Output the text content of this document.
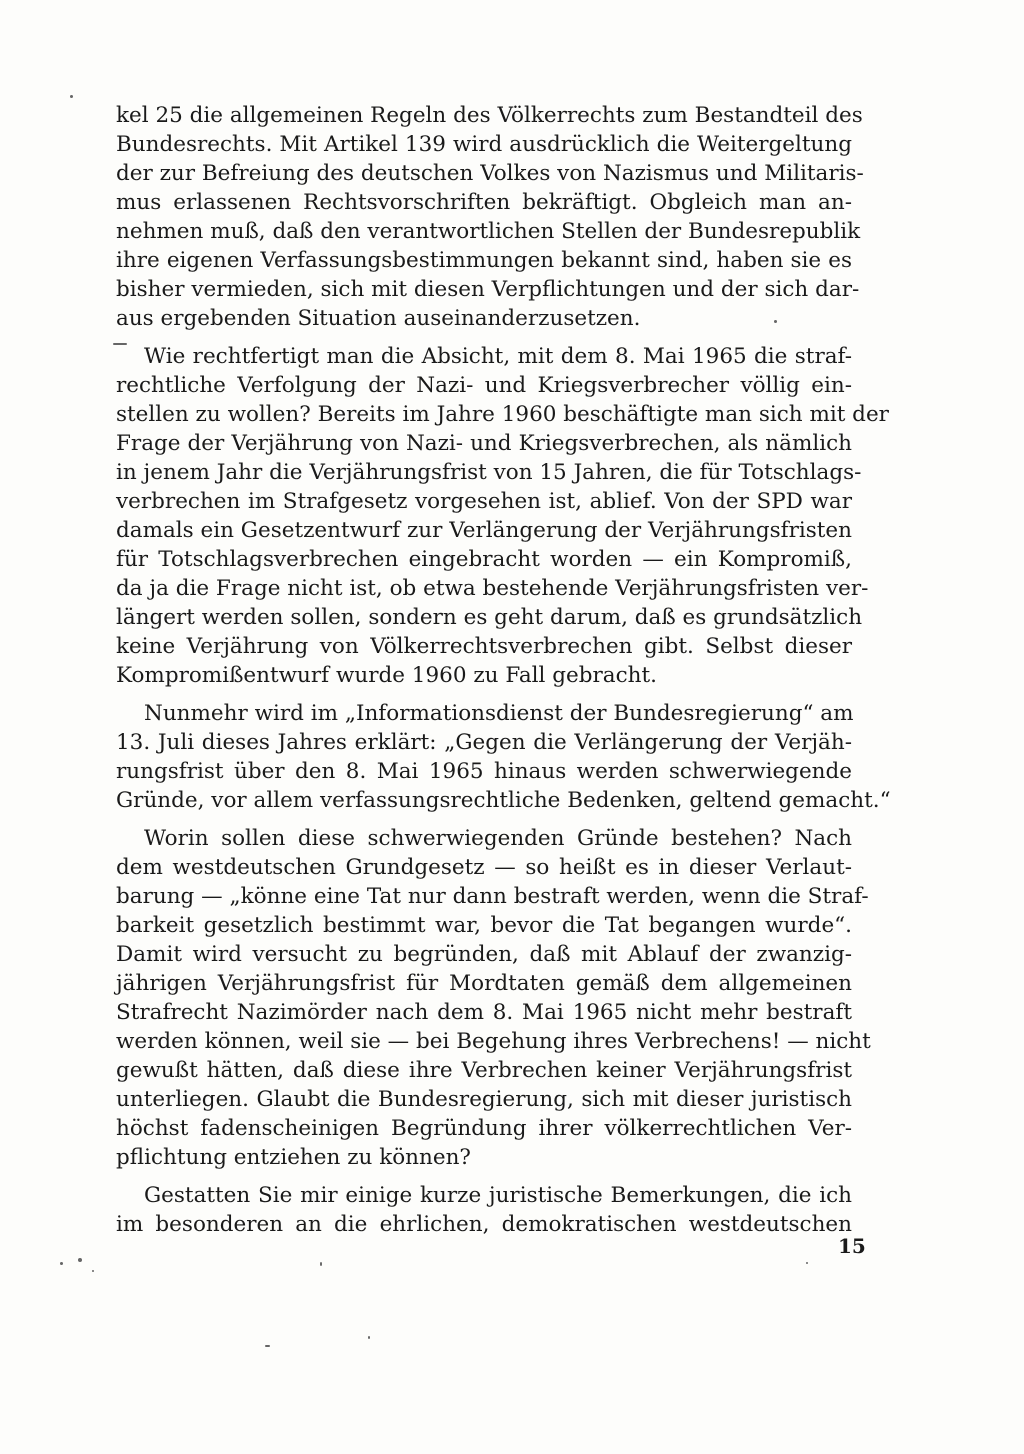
kel 25 die allgemeinen Regeln des Völkerrechts zum Bestandteil des
Bundesrechts. Mit Artikel 139 wird ausdrücklich die Weitergeltung
der zur Befreiung des deutschen Volkes von Nazismus und Militaris-
mus erlassenen Rechtsvorschriften bekräftigt. Obgleich man an-
nehmen muß, daß den verantwortlichen Stellen der Bundesrepublik
ihre eigenen Verfassungsbestimmungen bekannt sind, haben sie es
bisher vermieden, sich mit diesen Verpflichtungen und der sich dar-
aus ergebenden Situation auseinanderzusetzen.
Wie rechtfertigt man die Absicht, mit dem 8. Mai 1965 die straf-
rechtliche Verfolgung der Nazi- und Kriegsverbrecher völlig ein-
stellen zu wollen? Bereits im Jahre 1960 beschäftigte man sich mit der
Frage der Verjährung von Nazi- und Kriegsverbrechen, als nämlich
in jenem Jahr die Verjährungsfrist von 15 Jahren, die für Totschlags-
verbrechen im Strafgesetz vorgesehen ist, ablief. Von der SPD war
damals ein Gesetzentwurf zur Verlängerung der Verjährungsfristen
für Totschlagsverbrechen eingebracht worden — ein Kompromiß,
da ja die Frage nicht ist, ob etwa bestehende Verjährungsfristen ver-
längert werden sollen, sondern es geht darum, daß es grundsätzlich
keine Verjährung von Völkerrechtsverbrechen gibt. Selbst dieser
Kompromißentwurf wurde 1960 zu Fall gebracht.
Nunmehr wird im „Informationsdienst der Bundesregierung“ am
13. Juli dieses Jahres erklärt: „Gegen die Verlängerung der Verjäh-
rungsfrist über den 8. Mai 1965 hinaus werden schwerwiegende
Gründe, vor allem verfassungsrechtliche Bedenken, geltend gemacht.“
Worin sollen diese schwerwiegenden Gründe bestehen? Nach
dem westdeutschen Grundgesetz — so heißt es in dieser Verlaut-
barung — „könne eine Tat nur dann bestraft werden, wenn die Straf-
barkeit gesetzlich bestimmt war, bevor die Tat begangen wurde“.
Damit wird versucht zu begründen, daß mit Ablauf der zwanzig-
jährigen Verjährungsfrist für Mordtaten gemäß dem allgemeinen
Strafrecht Nazimörder nach dem 8. Mai 1965 nicht mehr bestraft
werden können, weil sie — bei Begehung ihres Verbrechens! — nicht
gewußt hätten, daß diese ihre Verbrechen keiner Verjährungsfrist
unterliegen. Glaubt die Bundesregierung, sich mit dieser juristisch
höchst fadenscheinigen Begründung ihrer völkerrechtlichen Ver-
pflichtung entziehen zu können?
Gestatten Sie mir einige kurze juristische Bemerkungen, die ich
im besonderen an die ehrlichen, demokratischen westdeutschen
15
